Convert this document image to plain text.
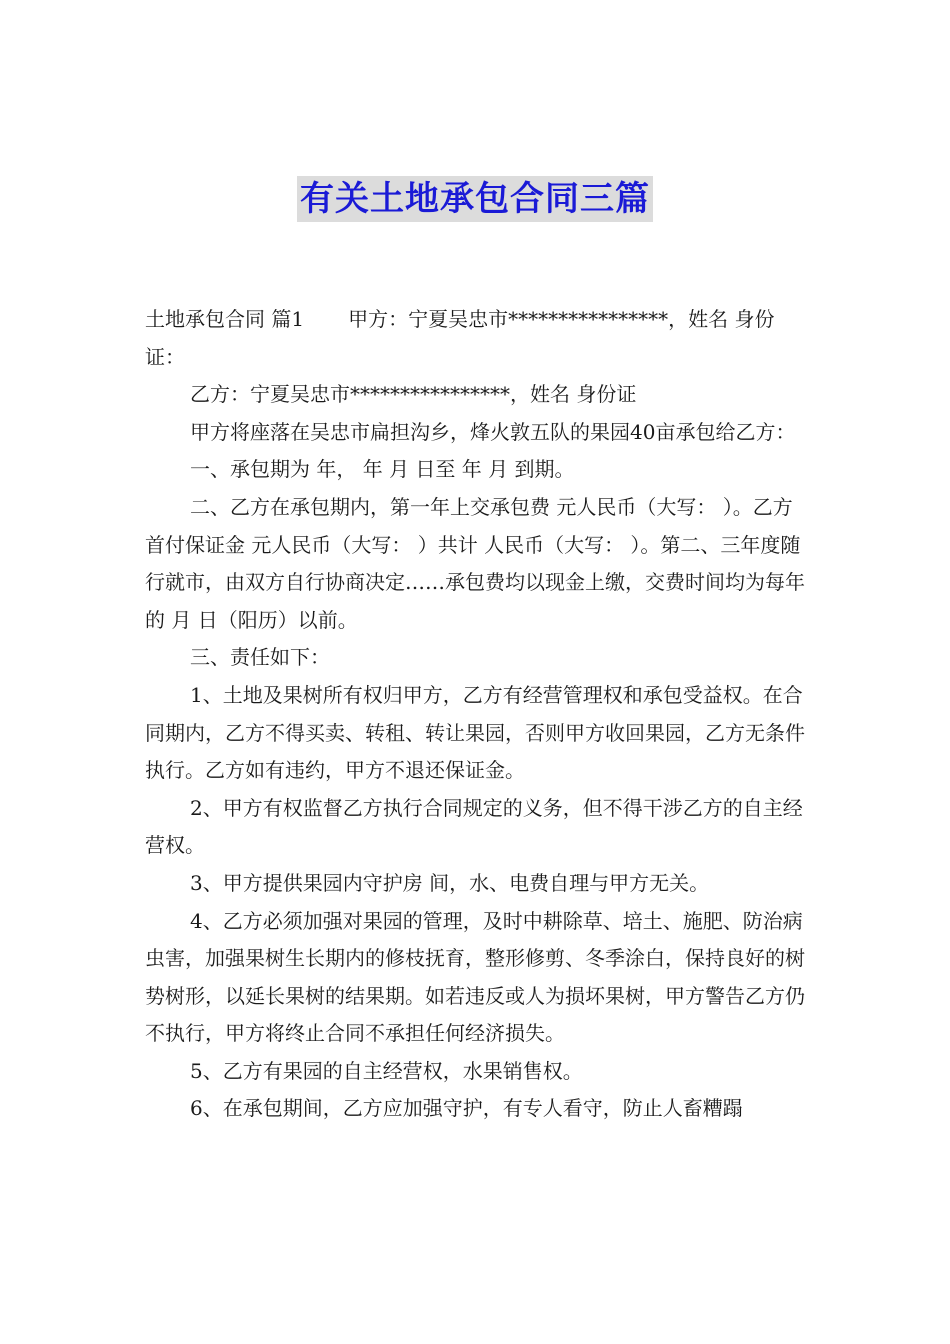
有关土地承包合同三篇

土地承包合同 篇1 甲方：宁夏吴忠市****************，姓名 身份证：

乙方：宁夏吴忠市****************，姓名 身份证

甲方将座落在吴忠市扁担沟乡，烽火敦五队的果园40亩承包给乙方：

一、承包期为 年， 年 月 日至 年 月 到期。

二、乙方在承包期内，第一年上交承包费 元人民币（大写： ）。乙方首付保证金 元人民币（大写： ）共计 人民币（大写： ）。第二、三年度随行就市，由双方自行协商决定……承包费均以现金上缴，交费时间均为每年的 月 日（阳历）以前。

三、责任如下：

1、土地及果树所有权归甲方，乙方有经营管理权和承包受益权。在合同期内，乙方不得买卖、转租、转让果园，否则甲方收回果园，乙方无条件执行。乙方如有违约，甲方不退还保证金。

2、甲方有权监督乙方执行合同规定的义务，但不得干涉乙方的自主经营权。

3、甲方提供果园内守护房 间，水、电费自理与甲方无关。

4、乙方必须加强对果园的管理，及时中耕除草、培土、施肥、防治病虫害，加强果树生长期内的修枝抚育，整形修剪、冬季涂白，保持良好的树势树形，以延长果树的结果期。如若违反或人为损坏果树，甲方警告乙方仍不执行，甲方将终止合同不承担任何经济损失。

5、乙方有果园的自主经营权，水果销售权。

6、在承包期间，乙方应加强守护，有专人看守，防止人畜糟蹋
